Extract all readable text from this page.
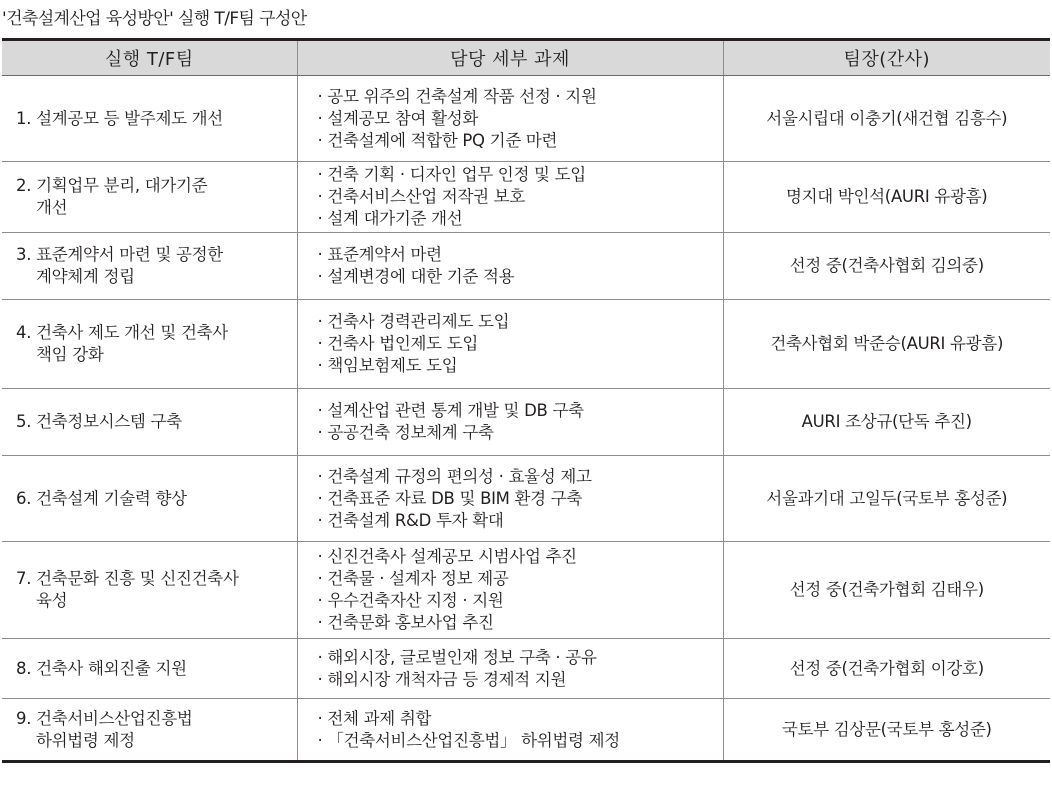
'건축설계산업 육성방안' 실행 T/F팀 구성안
실행 T/F팀	담당 세부 과제	팀장(간사)

1. 설계공모 등 발주제도 개선	· 공모 위주의 건축설계 작품 선정 · 지원
· 설계공모 참여 활성화
· 건축설계에 적합한 PQ 기준 마련	서울시립대 이충기(새건협 김흥수)

2. 기획업무 분리, 대가기준
개선	· 건축 기획 · 디자인 업무 인정 및 도입
· 건축서비스산업 저작권 보호
· 설계 대가기준 개선	명지대 박인석(AURI 유광흠)

3. 표준계약서 마련 및 공정한
계약체계 정립	· 표준계약서 마련
· 설계변경에 대한 기준 적용	선정 중(건축사협회 김의중)

4. 건축사 제도 개선 및 건축사
책임 강화	· 건축사 경력관리제도 도입
· 건축사 법인제도 도입
· 책임보험제도 도입	건축사협회 박준승(AURI 유광흠)

5. 건축정보시스템 구축	· 설계산업 관련 통계 개발 및 DB 구축
· 공공건축 정보체계 구축	AURI 조상규(단독 추진)

6. 건축설계 기술력 향상	· 건축설계 규정의 편의성 · 효율성 제고
· 건축표준 자료 DB 및 BIM 환경 구축
· 건축설계 R&D 투자 확대	서울과기대 고일두(국토부 홍성준)

7. 건축문화 진흥 및 신진건축사
육성	· 신진건축사 설계공모 시범사업 추진
· 건축물 · 설계자 정보 제공
· 우수건축자산 지정 · 지원
· 건축문화 홍보사업 추진	선정 중(건축가협회 김태우)

8. 건축사 해외진출 지원	· 해외시장, 글로벌인재 정보 구축 · 공유
· 해외시장 개척자금 등 경제적 지원	선정 중(건축가협회 이강호)

9. 건축서비스산업진흥법
하위법령 제정	· 전체 과제 취합
· 「건축서비스산업진흥법」 하위법령 제정	국토부 김상문(국토부 홍성준)
